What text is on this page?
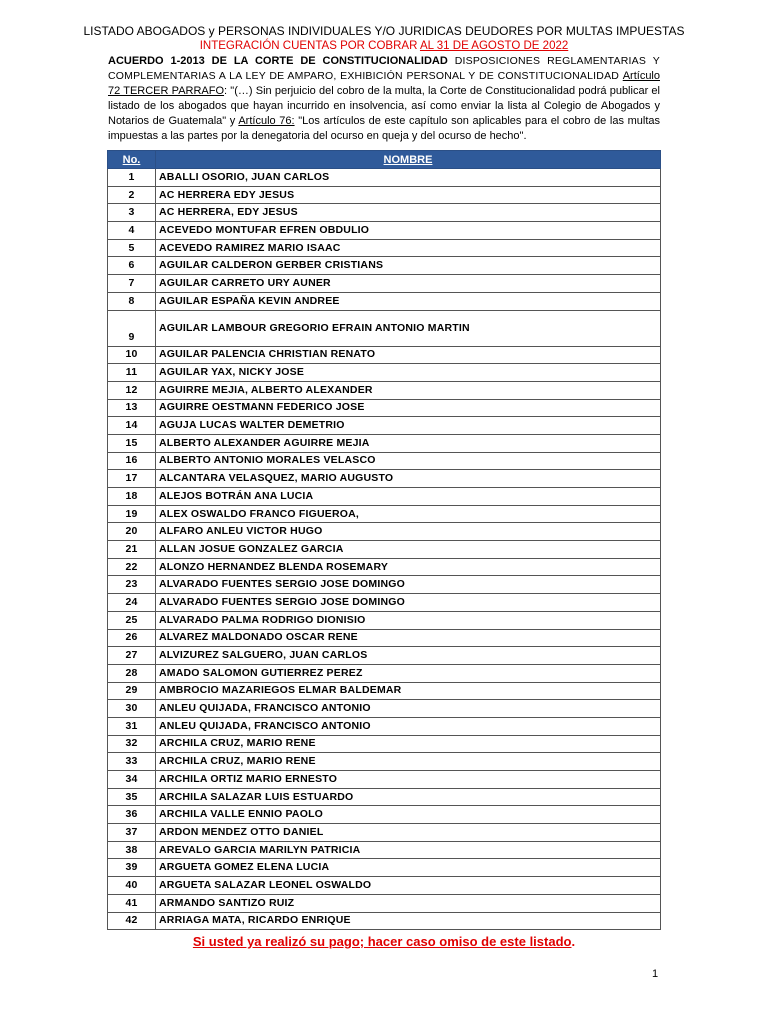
LISTADO ABOGADOS y PERSONAS INDIVIDUALES Y/O JURIDICAS DEUDORES POR MULTAS IMPUESTAS
INTEGRACIÓN CUENTAS POR COBRAR AL 31 DE AGOSTO DE 2022
ACUERDO 1-2013 DE LA CORTE DE CONSTITUCIONALIDAD DISPOSICIONES REGLAMENTARIAS Y COMPLEMENTARIAS A LA LEY DE AMPARO, EXHIBICIÓN PERSONAL Y DE CONSTITUCIONALIDAD Artículo 72 TERCER PARRAFO: "(…) Sin perjuicio del cobro de la multa, la Corte de Constitucionalidad podrá publicar el listado de los abogados que hayan incurrido en insolvencia, así como enviar la lista al Colegio de Abogados y Notarios de Guatemala" y Artículo 76: "Los artículos de este capítulo son aplicables para el cobro de las multas impuestas a las partes por la denegatoria del ocurso en queja y del ocurso de hecho".
No.	NOMBRE
1	ABALLI OSORIO, JUAN CARLOS
2	AC HERRERA EDY JESUS
3	AC HERRERA, EDY JESUS
4	ACEVEDO MONTUFAR EFREN OBDULIO
5	ACEVEDO RAMIREZ MARIO ISAAC
6	AGUILAR CALDERON GERBER CRISTIANS
7	AGUILAR CARRETO URY AUNER
8	AGUILAR ESPAÑA KEVIN ANDREE
9	AGUILAR LAMBOUR GREGORIO EFRAIN ANTONIO MARTIN
10	AGUILAR PALENCIA CHRISTIAN RENATO
11	AGUILAR YAX, NICKY JOSE
12	AGUIRRE MEJIA, ALBERTO ALEXANDER
13	AGUIRRE OESTMANN FEDERICO JOSE
14	AGUJA LUCAS WALTER DEMETRIO
15	ALBERTO ALEXANDER AGUIRRE MEJIA
16	ALBERTO ANTONIO MORALES VELASCO
17	ALCANTARA VELASQUEZ, MARIO AUGUSTO
18	ALEJOS BOTRÁN ANA LUCIA
19	ALEX OSWALDO FRANCO FIGUEROA,
20	ALFARO ANLEU VICTOR HUGO
21	ALLAN JOSUE GONZALEZ GARCIA
22	ALONZO HERNANDEZ BLENDA ROSEMARY
23	ALVARADO FUENTES SERGIO JOSE DOMINGO
24	ALVARADO FUENTES SERGIO JOSE DOMINGO
25	ALVARADO PALMA RODRIGO DIONISIO
26	ALVAREZ MALDONADO OSCAR RENE
27	ALVIZUREZ SALGUERO, JUAN CARLOS
28	AMADO SALOMON GUTIERREZ PEREZ
29	AMBROCIO MAZARIEGOS ELMAR BALDEMAR
30	ANLEU QUIJADA, FRANCISCO ANTONIO
31	ANLEU QUIJADA, FRANCISCO ANTONIO
32	ARCHILA CRUZ, MARIO RENE
33	ARCHILA CRUZ, MARIO RENE
34	ARCHILA ORTIZ MARIO ERNESTO
35	ARCHILA SALAZAR LUIS ESTUARDO
36	ARCHILA VALLE ENNIO PAOLO
37	ARDON MENDEZ OTTO DANIEL
38	AREVALO GARCIA MARILYN PATRICIA
39	ARGUETA GOMEZ ELENA LUCIA
40	ARGUETA SALAZAR LEONEL OSWALDO
41	ARMANDO SANTIZO RUIZ
42	ARRIAGA MATA, RICARDO ENRIQUE
Si usted ya realizó su pago; hacer caso omiso de este listado.
1
